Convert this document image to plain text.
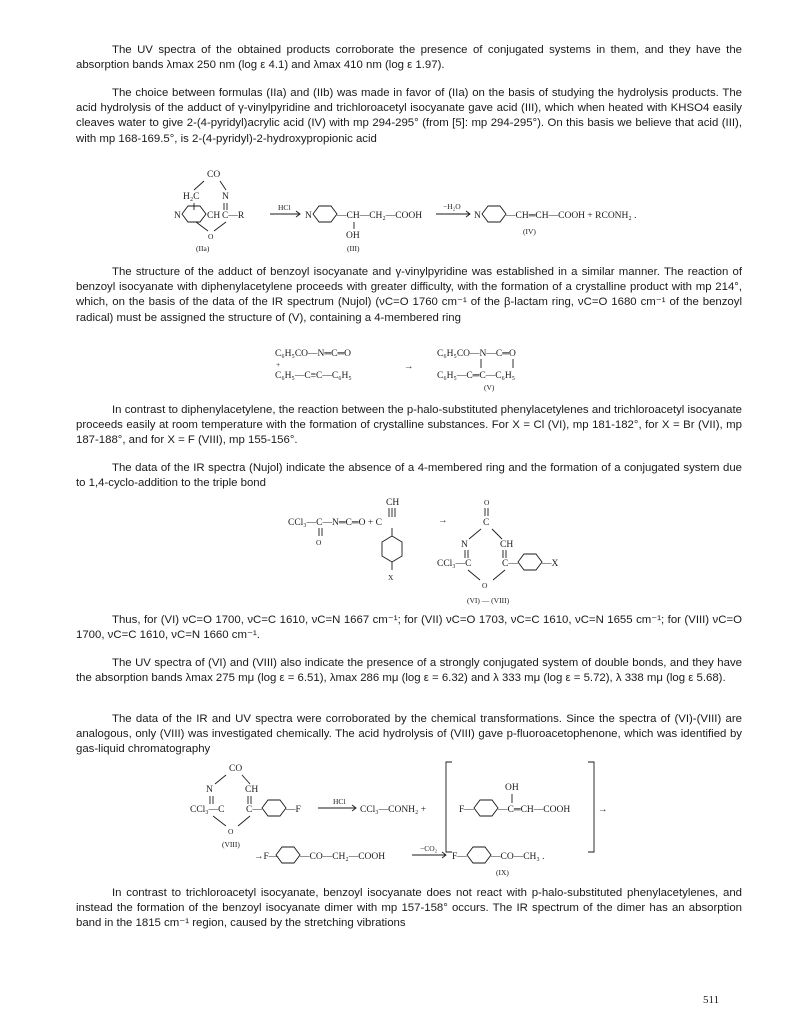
The UV spectra of the obtained products corroborate the presence of conjugated systems in them, and they have the absorption bands λmax 250 nm (log ε 4.1) and λmax 410 nm (log ε 1.97).

The choice between formulas (IIa) and (IIb) was made in favor of (IIa) on the basis of studying the hydrolysis products. The acid hydrolysis of the adduct of γ-vinylpyridine and trichloroacetyl isocyanate gave acid (III), which when heated with KHSO4 easily cleaves water to give 2-(4-pyridyl)acrylic acid (IV) with mp 294-295° (from [5]: mp 294-295°). On this basis we believe that acid (III), with mp 168-169.5°, is 2-(4-pyridyl)-2-hydroxypropionic acid

The structure of the adduct of benzoyl isocyanate and γ-vinylpyridine was established in a similar manner. The reaction of benzoyl isocyanate with diphenylacetylene proceeds with greater difficulty, with the formation of a crystalline product with mp 214°, which, on the basis of the data of the IR spectrum (Nujol) (νC=O 1760 cm⁻¹ of the β-lactam ring, νC=O 1680 cm⁻¹ of the benzoyl radical) must be assigned the structure of (V), containing a 4-membered ring

In contrast to diphenylacetylene, the reaction between the p-halo-substituted phenylacetylenes and trichloroacetyl isocyanate proceeds easily at room temperature with the formation of crystalline substances. For X = Cl (VI), mp 181-182°, for X = Br (VII), mp 187-188°, and for X = F (VIII), mp 155-156°.

The data of the IR spectra (Nujol) indicate the absence of a 4-membered ring and the formation of a conjugated system due to 1,4-cyclo-addition to the triple bond

Thus, for (VI) νC=O 1700, νC=C 1610, νC=N 1667 cm⁻¹; for (VII) νC=O 1703, νC=C 1610, νC=N 1655 cm⁻¹; for (VIII) νC=O 1700, νC=C 1610, νC=N 1660 cm⁻¹.

The UV spectra of (VI) and (VIII) also indicate the presence of a strongly conjugated system of double bonds, and they have the absorption bands λmax 275 mμ (log ε = 6.51), λmax 286 mμ (log ε = 6.32) and λ 333 mμ (log ε = 5.72), λ 338 mμ (log ε 5.68).

The data of the IR and UV spectra were corroborated by the chemical transformations. Since the spectra of (VI)-(VIII) are analogous, only (VIII) was investigated chemically. The acid hydrolysis of (VIII) gave p-fluoroacetophenone, which was identified by gas-liquid chromatography

In contrast to trichloroacetyl isocyanate, benzoyl isocyanate does not react with p-halo-substituted phenylacetylenes, and instead the formation of the benzoyl isocyanate dimer with mp 157-158° occurs. The IR spectrum of the dimer has an absorption band in the 1815 cm⁻¹ region, caused by the stretching vibrations

CO
H₂C N
N	CH C—R
O
(IIa)
HCl
N	—CH—CH₂—COOH
OH
(III)
−H₂O
N	—CH═CH—COOH + RCONH₂ .
(IV)
C₆H₅CO—N═C═O
+
C₆H₅—C≡C—C₆H₅
→
C₆H₅CO—N—C═O
C₆H₅—C═C—C₆H₅
(V)
CH
CCl₃—C—N═C═O + C
O
X
→
O
C
N	CH
CCl₃—C	C—	—X
O
(VI) — (VIII)
CO
N	CH
CCl₃—C C—	—F
O
(VIII)
HCl
CCl₃—CONH₂ +
OH
F—	—C═CH—COOH	→
→F— —CO—CH₂—COOH
−CO₂
F—	—CO—CH₃ .
(IX)
511
